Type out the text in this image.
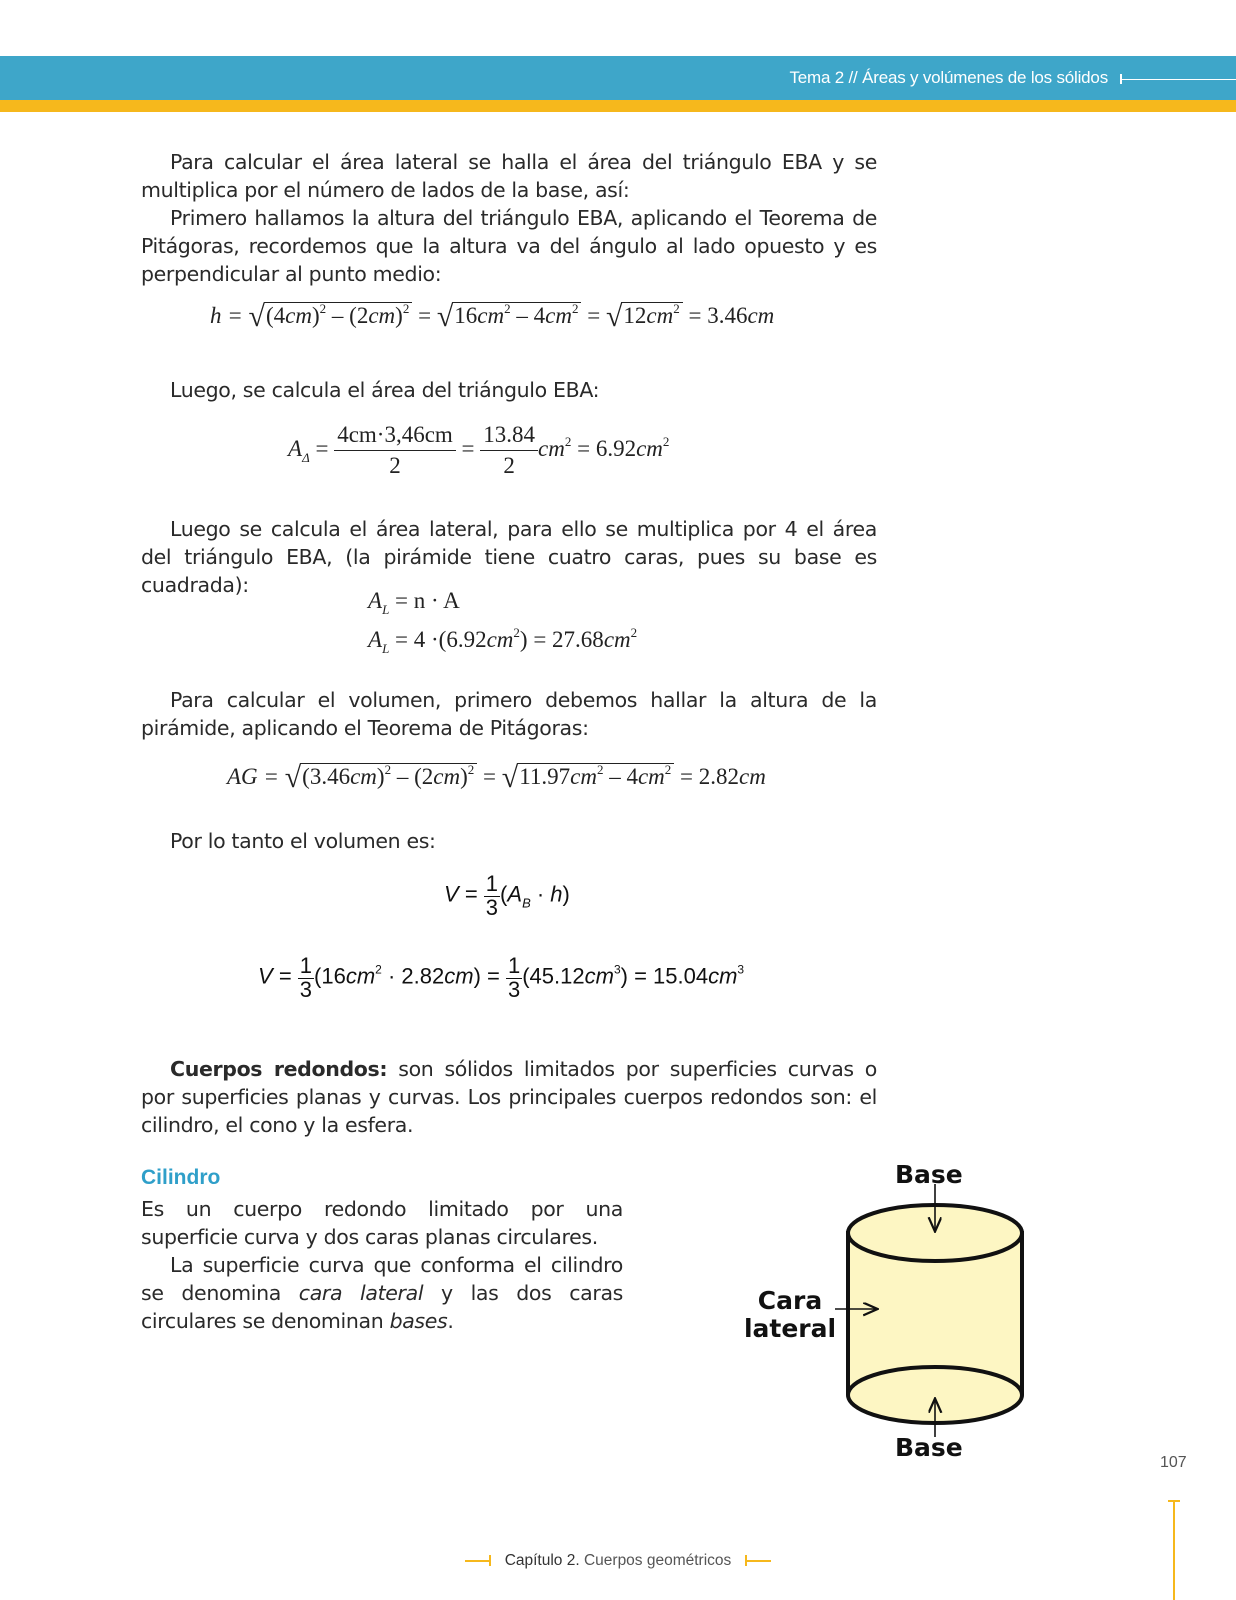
Tema 2 // Áreas y volúmenes de los sólidos

Para calcular el área lateral se halla el área del triángulo EBA y se multiplica por el número de lados de la base, así:

Primero hallamos la altura del triángulo EBA, aplicando el Teorema de Pitágoras, recordemos que la altura va del ángulo al lado opuesto y es perpendicular al punto medio:

$h = √(4cm)^2 - (2cm)^2 = √16cm^2 - 4cm^2 = √12cm^2 = 3.46cm$

Luego, se calcula el área del triángulo EBA:

$A_\Delta = \frac{4cm\cdot 3,46cm}{2} = \frac{13.84}{2} cm^2 = 6.92cm^2$

Luego se calcula el área lateral, para ello se multiplica por 4 el área del triángulo EBA, (la pirámide tiene cuatro caras, pues su base es cuadrada):

$A_L = n \cdot A$
$A_L = 4 \cdot(6.92cm^2) = 27.68cm^2$

Para calcular el volumen, primero debemos hallar la altura de la pirámide, aplicando el Teorema de Pitágoras:

AG = $√(3.46cm)^2 - (2cm)^2 = √11.97cm^2 - 4cm^2 = 2.82cm$

Por lo tanto el volumen es:

$V = \frac{1}{3} (A_B \cdot h)$
$V = \frac{1}{3} (16cm^2 \cdot 2.82cm) = \frac{1}{3} (45.12cm^3) = 15.04cm^3$

Cuerpos redondos: son sólidos limitados por superficies curvas o por superficies planas y curvas. Los principales cuerpos redondos son: el cilindro, el cono y la esfera.

Cilindro

Es un cuerpo redondo limitado por una superficie curva y dos caras planas circulares.

La superficie curva que conforma el cilindro se denomina cara lateral y las dos caras circulares se denominan bases.

Base
Cara
lateral
Base
107
Capítulo 2. Cuerpos geométricos
